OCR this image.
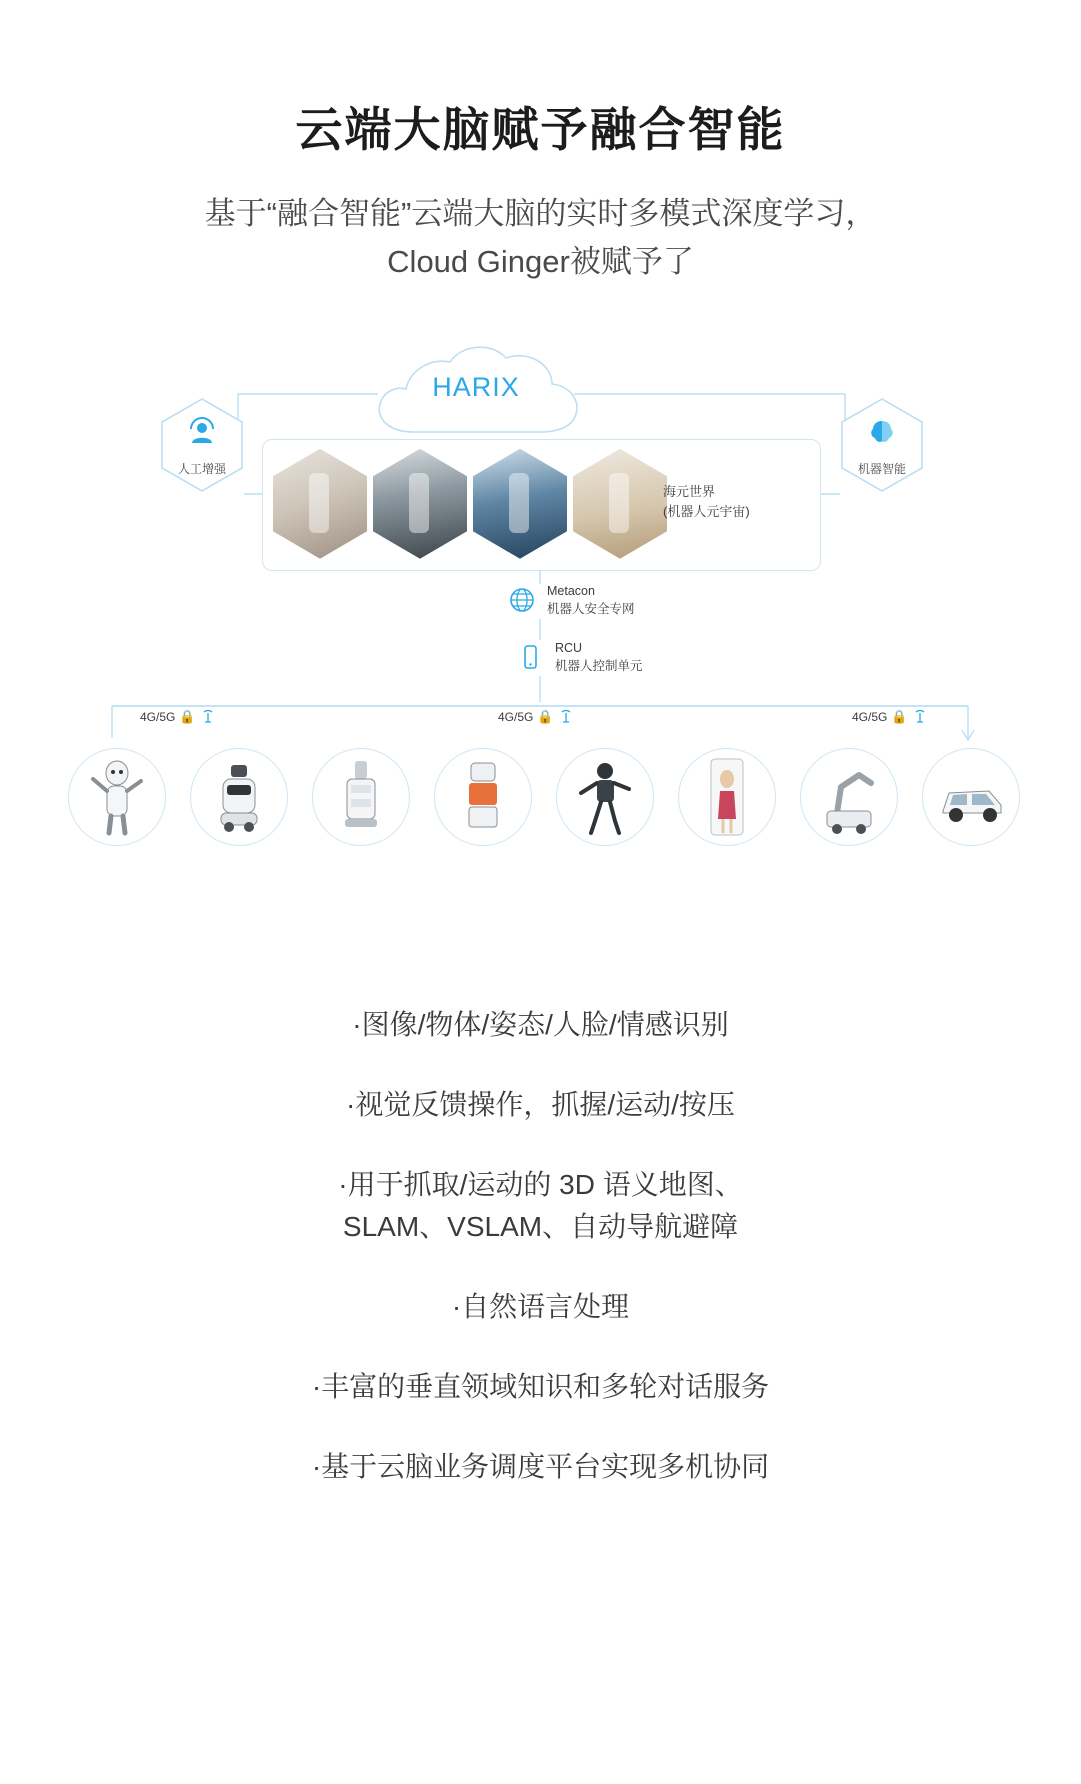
云端大脑赋予融合智能
基于“融合智能”云端大脑的实时多模式深度学习，
Cloud Ginger被赋予了
HARIX
人工增强	机器智能
海元世界
(机器人元宇宙)
Metacon
机器人安全专网
RCU
机器人控制单元
4G/5G 🔒	4G/5G 🔒	4G/5G 🔒
·图像/物体/姿态/人脸/情感识别
·视觉反馈操作，抓握/运动/按压
·用于抓取/运动的 3D 语义地图、
SLAM、VSLAM、自动导航避障
·自然语言处理
·丰富的垂直领域知识和多轮对话服务
·基于云脑业务调度平台实现多机协同
